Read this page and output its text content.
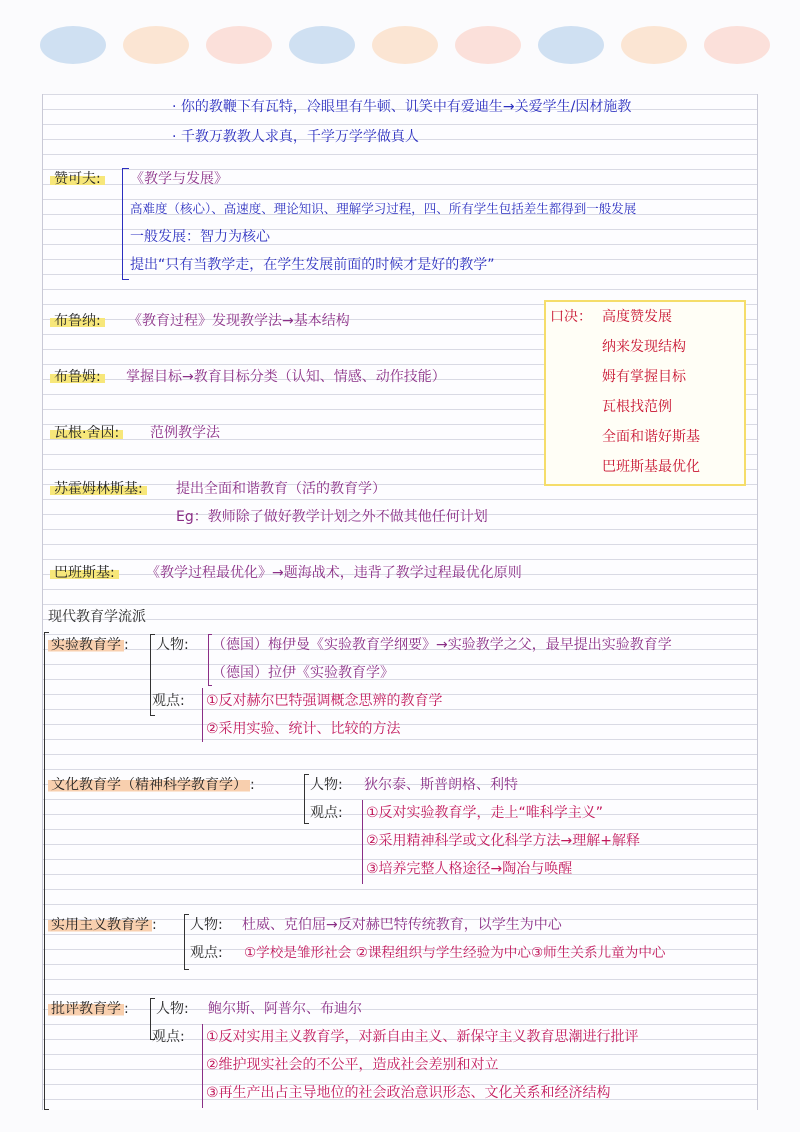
· 你的教鞭下有瓦特，冷眼里有牛顿、讥笑中有爱迪生→关爱学生/因材施教
· 千教万教教人求真，千学万学学做真人
赞可夫: 《教学与发展》
高难度（核心）、高速度、理论知识、理解学习过程，四、所有学生包括差生都得到一般发展
一般发展：智力为核心
提出“只有当教学走，在学生发展前面的时候才是好的教学”
布鲁纳: 《教育过程》发现教学法→基本结构
布鲁姆: 掌握目标→教育目标分类（认知、情感、动作技能）
瓦根·舍因: 范例教学法
苏霍姆林斯基: 提出全面和谐教育（活的教育学）
Eg：教师除了做好教学计划之外不做其他任何计划
巴班斯基: 《教学过程最优化》→题海战术，违背了教学过程最优化原则
口决： 高度赞发展
纳来发现结构
姆有掌握目标
瓦根找范例
全面和谐好斯基
巴班斯基最优化
现代教育学流派
实验教育学 : 人物: （德国）梅伊曼《实验教育学纲要》→实验教学之父，最早提出实验教育学
（德国）拉伊《实验教育学》
观点: ①反对赫尔巴特强调概念思辨的教育学
②采用实验、统计、比较的方法
文化教育学（精神科学教育学） :	人物: 狄尔泰、斯普朗格、利特
观点: ①反对实验教育学，走上“唯科学主义”
②采用精神科学或文化科学方法→理解+解释
③培养完整人格途径→陶冶与唤醒
实用主义教育学 : 人物: 杜威、克伯屈→反对赫巴特传统教育，以学生为中心
观点: ①学校是雏形社会 ②课程组织与学生经验为中心③师生关系儿童为中心
批评教育学 : 人物: 鲍尔斯、阿普尔、布迪尔
观点: ①反对实用主义教育学，对新自由主义、新保守主义教育思潮进行批评
②维护现实社会的不公平，造成社会差别和对立
③再生产出占主导地位的社会政治意识形态、文化关系和经济结构
